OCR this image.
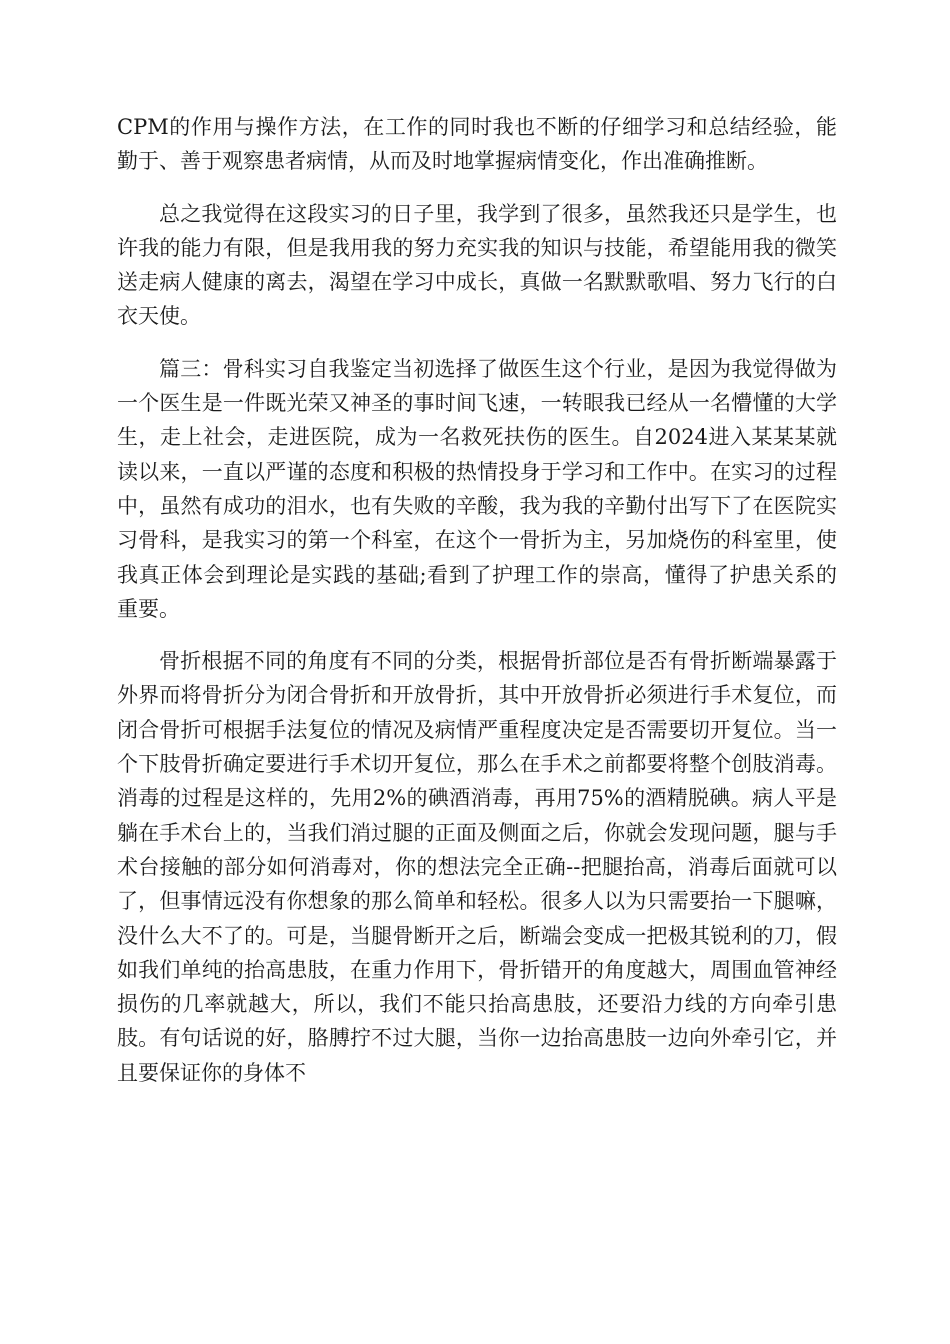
CPM的作用与操作方法，在工作的同时我也不断的仔细学习和总结经验，能勤于、善于观察患者病情，从而及时地掌握病情变化，作出准确推断。

总之我觉得在这段实习的日子里，我学到了很多，虽然我还只是学生，也许我的能力有限，但是我用我的努力充实我的知识与技能，希望能用我的微笑送走病人健康的离去，渴望在学习中成长，真做一名默默歌唱、努力飞行的白衣天使。

篇三：骨科实习自我鉴定当初选择了做医生这个行业，是因为我觉得做为一个医生是一件既光荣又神圣的事时间飞速，一转眼我已经从一名懵懂的大学生，走上社会，走进医院，成为一名救死扶伤的医生。自2024进入某某某就读以来，一直以严谨的态度和积极的热情投身于学习和工作中。在实习的过程中，虽然有成功的泪水，也有失败的辛酸，我为我的辛勤付出写下了在医院实习骨科，是我实习的第一个科室，在这个一骨折为主，另加烧伤的科室里，使我真正体会到理论是实践的基础;看到了护理工作的崇高，懂得了护患关系的重要。

骨折根据不同的角度有不同的分类，根据骨折部位是否有骨折断端暴露于外界而将骨折分为闭合骨折和开放骨折，其中开放骨折必须进行手术复位，而闭合骨折可根据手法复位的情况及病情严重程度决定是否需要切开复位。当一个下肢骨折确定要进行手术切开复位，那么在手术之前都要将整个创肢消毒。消毒的过程是这样的，先用2%的碘酒消毒，再用75%的酒精脱碘。病人平是躺在手术台上的，当我们消过腿的正面及侧面之后，你就会发现问题，腿与手术台接触的部分如何消毒对，你的想法完全正确--把腿抬高，消毒后面就可以了，但事情远没有你想象的那么简单和轻松。很多人以为只需要抬一下腿嘛，没什么大不了的。可是，当腿骨断开之后，断端会变成一把极其锐利的刀，假如我们单纯的抬高患肢，在重力作用下，骨折错开的角度越大，周围血管神经损伤的几率就越大，所以，我们不能只抬高患肢，还要沿力线的方向牵引患肢。有句话说的好，胳膊拧不过大腿，当你一边抬高患肢一边向外牵引它，并且要保证你的身体不
